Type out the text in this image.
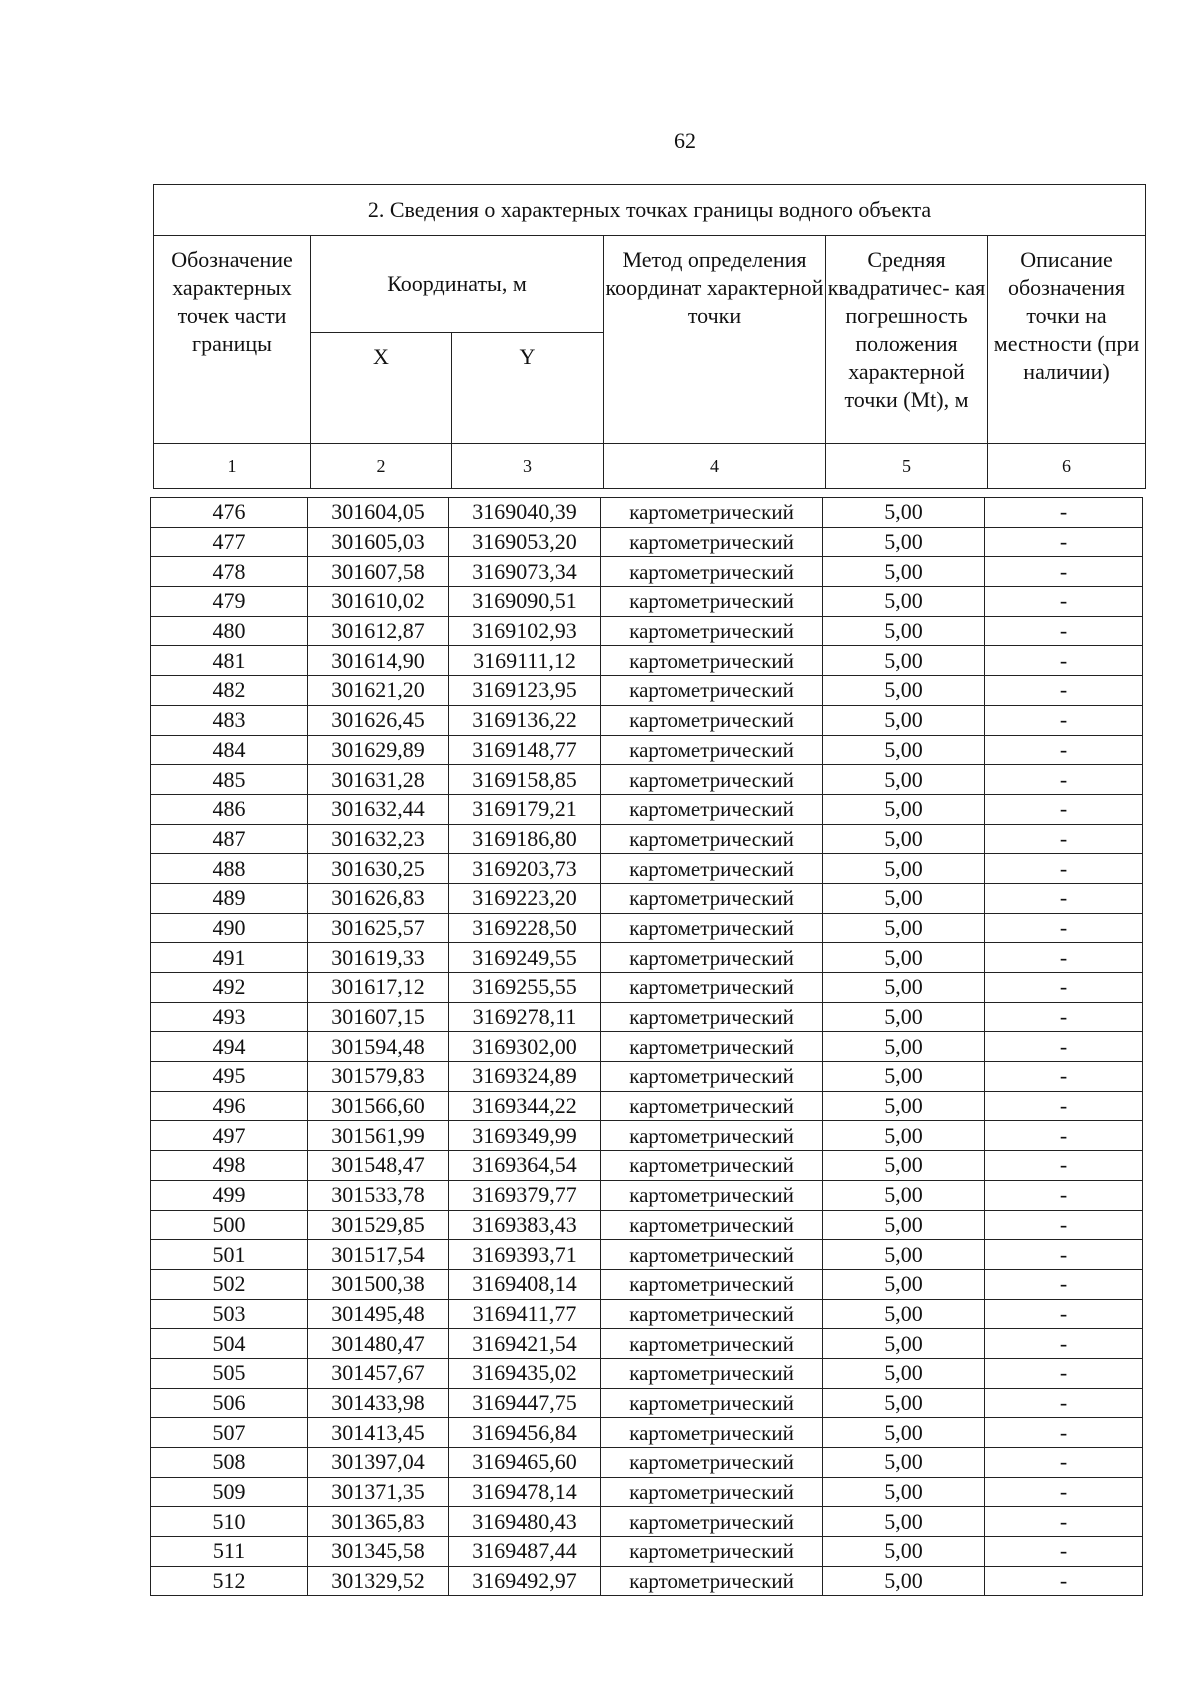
62
2. Сведения о характерных точках границы водного объекта					
Обозначение характерных точек части границы	Координаты, м		Метод определения координат характерной точки	Средняя квадратичес- кая погрешность положения характерной точки (Mt), м	Описание обозначения точки на местности (при наличии)
	X	Y			
1	2	3	4	5	6
476	301604,05	3169040,39	картометрический	5,00	-
477	301605,03	3169053,20	картометрический	5,00	-
478	301607,58	3169073,34	картометрический	5,00	-
479	301610,02	3169090,51	картометрический	5,00	-
480	301612,87	3169102,93	картометрический	5,00	-
481	301614,90	3169111,12	картометрический	5,00	-
482	301621,20	3169123,95	картометрический	5,00	-
483	301626,45	3169136,22	картометрический	5,00	-
484	301629,89	3169148,77	картометрический	5,00	-
485	301631,28	3169158,85	картометрический	5,00	-
486	301632,44	3169179,21	картометрический	5,00	-
487	301632,23	3169186,80	картометрический	5,00	-
488	301630,25	3169203,73	картометрический	5,00	-
489	301626,83	3169223,20	картометрический	5,00	-
490	301625,57	3169228,50	картометрический	5,00	-
491	301619,33	3169249,55	картометрический	5,00	-
492	301617,12	3169255,55	картометрический	5,00	-
493	301607,15	3169278,11	картометрический	5,00	-
494	301594,48	3169302,00	картометрический	5,00	-
495	301579,83	3169324,89	картометрический	5,00	-
496	301566,60	3169344,22	картометрический	5,00	-
497	301561,99	3169349,99	картометрический	5,00	-
498	301548,47	3169364,54	картометрический	5,00	-
499	301533,78	3169379,77	картометрический	5,00	-
500	301529,85	3169383,43	картометрический	5,00	-
501	301517,54	3169393,71	картометрический	5,00	-
502	301500,38	3169408,14	картометрический	5,00	-
503	301495,48	3169411,77	картометрический	5,00	-
504	301480,47	3169421,54	картометрический	5,00	-
505	301457,67	3169435,02	картометрический	5,00	-
506	301433,98	3169447,75	картометрический	5,00	-
507	301413,45	3169456,84	картометрический	5,00	-
508	301397,04	3169465,60	картометрический	5,00	-
509	301371,35	3169478,14	картометрический	5,00	-
510	301365,83	3169480,43	картометрический	5,00	-
511	301345,58	3169487,44	картометрический	5,00	-
512	301329,52	3169492,97	картометрический	5,00	-
